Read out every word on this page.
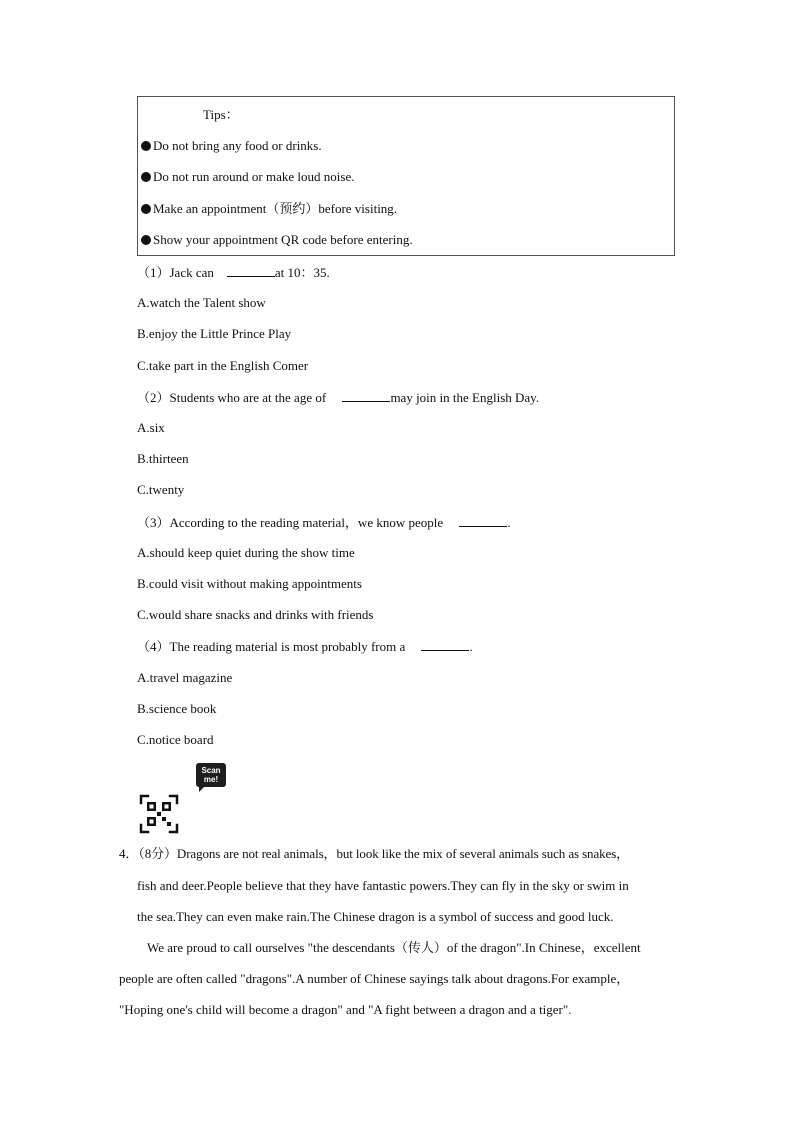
Tips：
Do not bring any food or drinks.
Do not run around or make loud noise.
Make an appointment（预约）before visiting.
Show your appointment QR code before entering.
（1）Jack can	at 10：35.
A.watch the Talent show
B.enjoy the Little Prince Play
C.take part in the English Comer
（2）Students who are at the age of	may join in the English Day.
A.six
B.thirteen
C.twenty
（3）According to the reading material，we know people	.
A.should keep quiet during the show time
B.could visit without making appointments
C.would share snacks and drinks with friends
（4）The reading material is most probably from a	.
A.travel magazine
B.science book
C.notice board
Scan
me!
4．（8分）Dragons are not real animals，but look like the mix of several animals such as snakes，
fish and deer.People believe that they have fantastic powers.They can fly in the sky or swim in
the sea.They can even make rain.The Chinese dragon is a symbol of success and good luck.
We are proud to call ourselves "the descendants（传人）of the dragon".In Chinese，excellent
people are often called "dragons".A number of Chinese sayings talk about dragons.For example，
"Hoping one's child will become a dragon" and "A fight between a dragon and a tiger".
